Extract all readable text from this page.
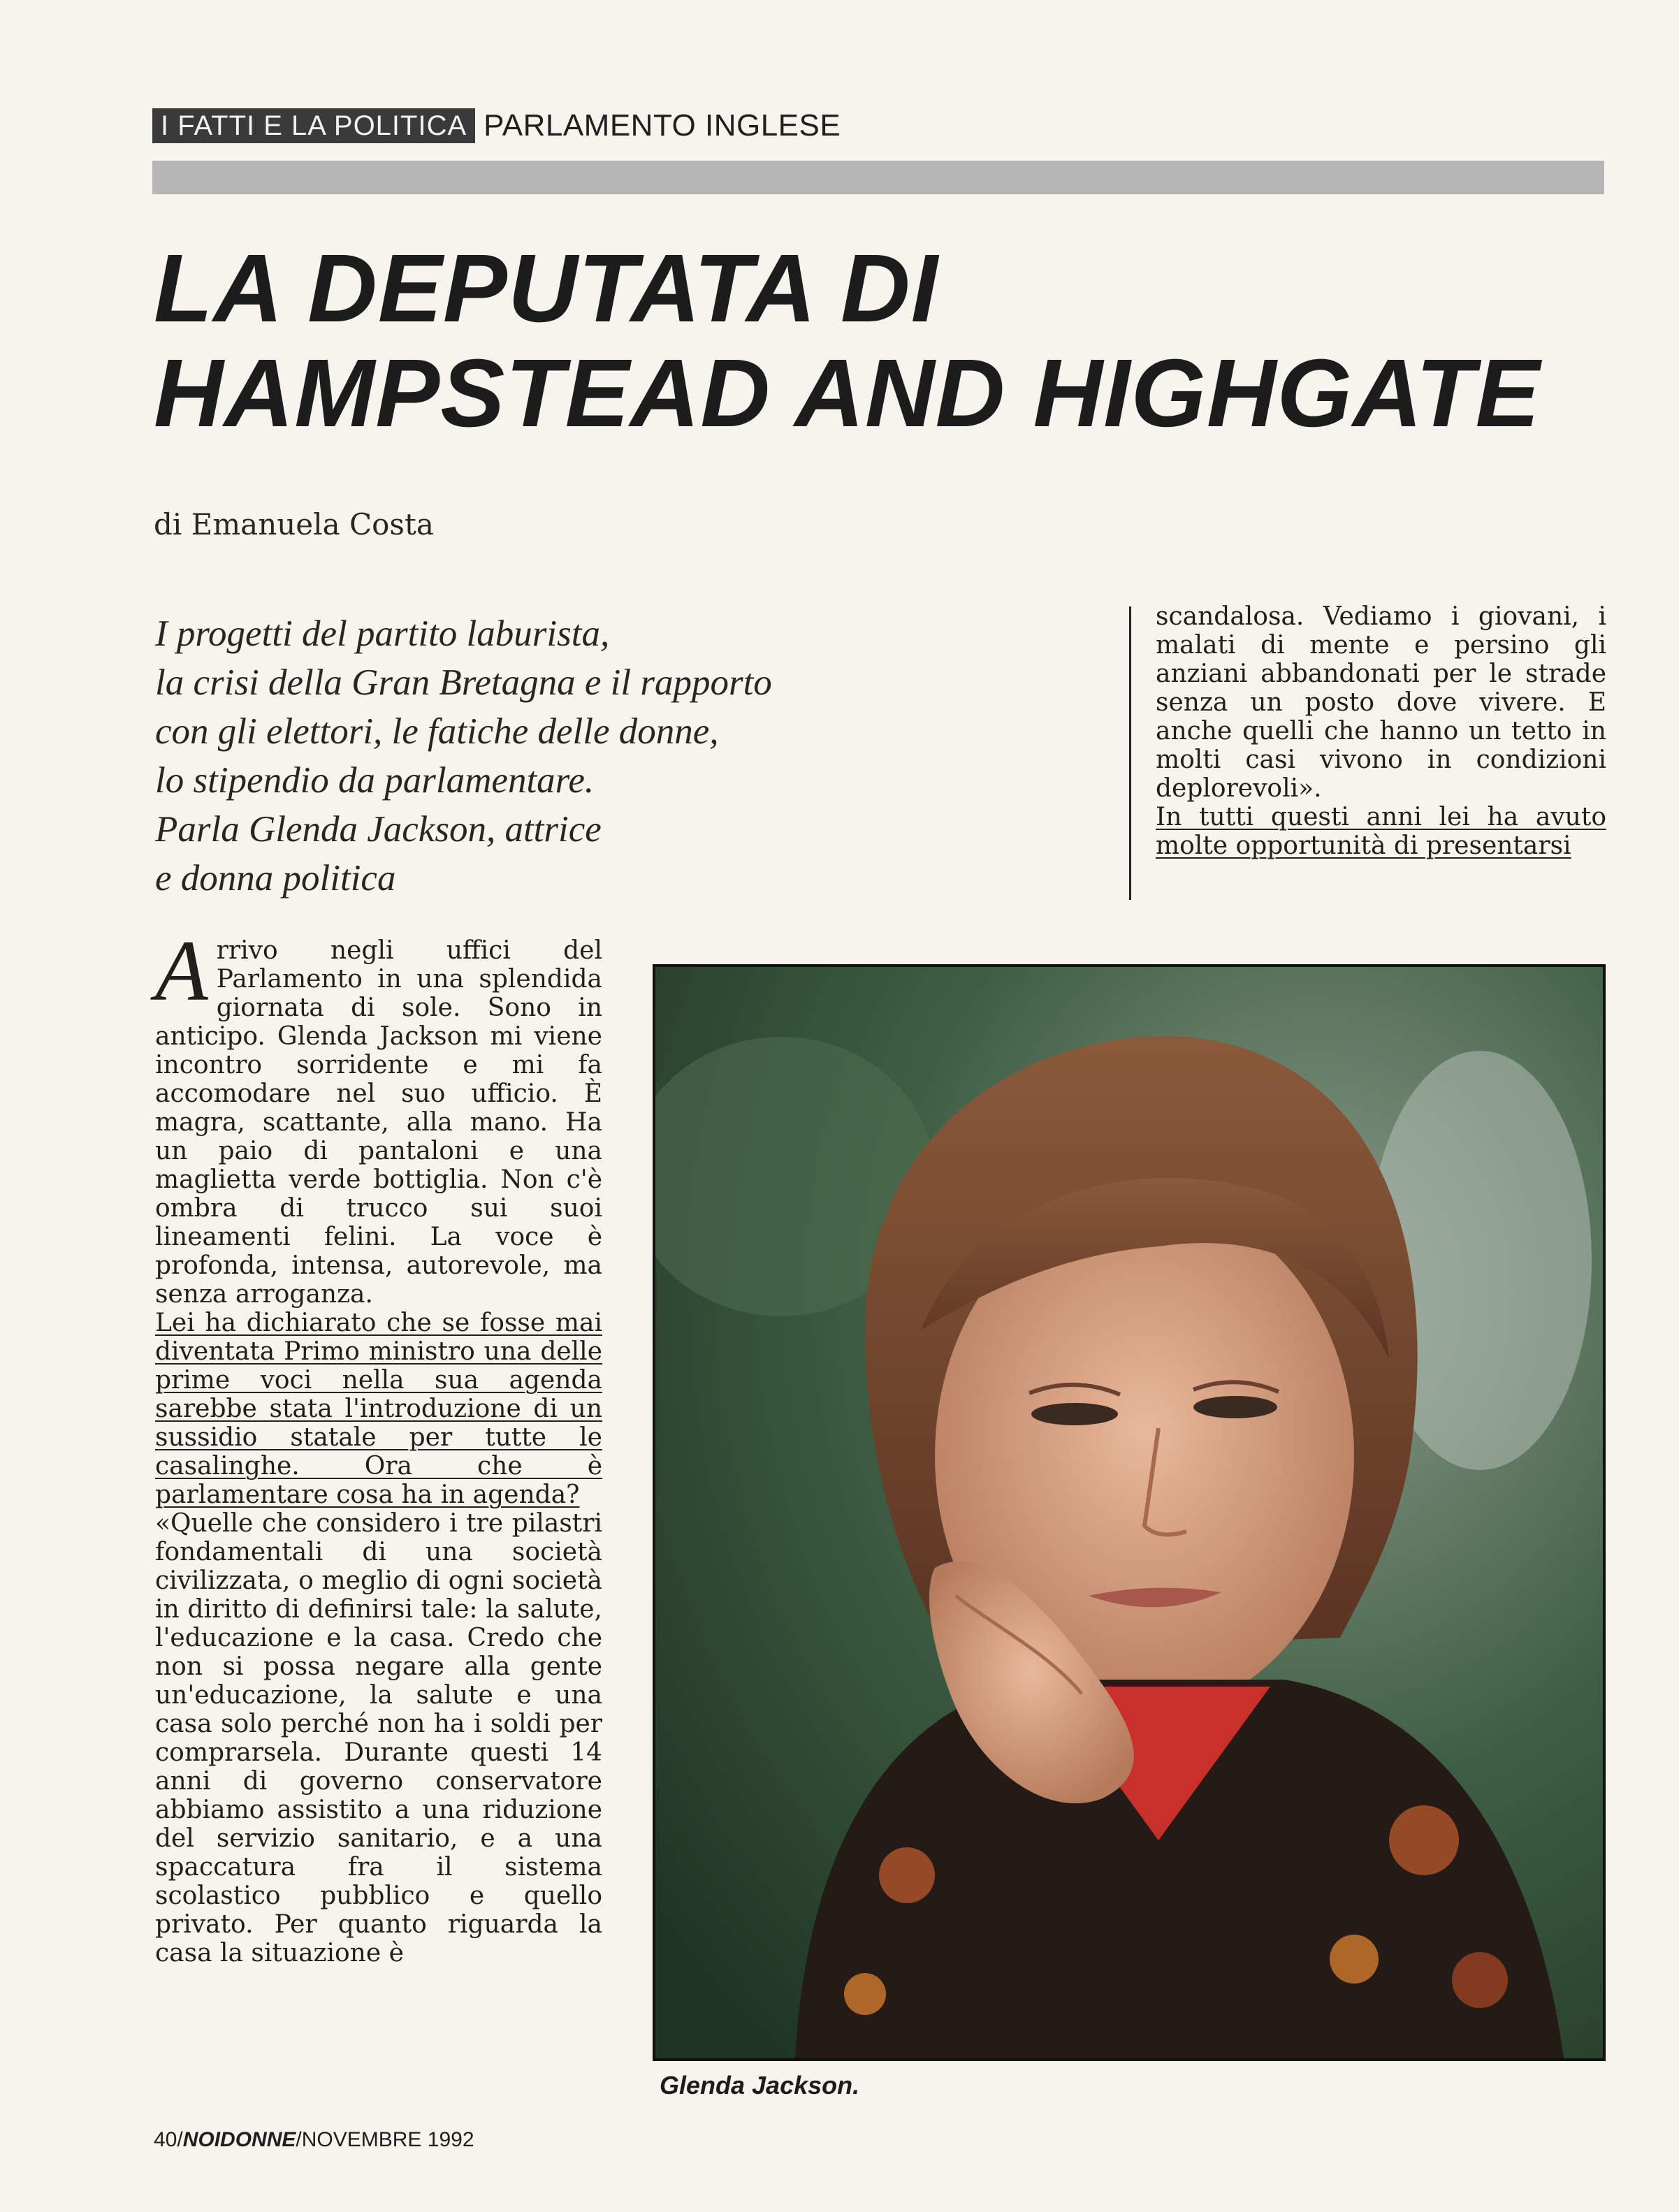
I FATTI E LA POLITICA PARLAMENTO INGLESE
LA DEPUTATA DI
HAMPSTEAD AND HIGHGATE
di Emanuela Costa
I progetti del partito laburista,
la crisi della Gran Bretagna e il rapporto
con gli elettori, le fatiche delle donne,
lo stipendio da parlamentare.
Parla Glenda Jackson, attrice
e donna politica
scandalosa. Vediamo i giovani, i malati di mente e persino gli anziani abbandonati per le strade senza un posto dove vivere. E anche quelli che hanno un tetto in molti casi vivono in condizioni deplorevoli».
In tutti questi anni lei ha avuto molte opportunità di presentarsi
A rrivo negli uffici del Parlamento in una splendida giornata di sole. Sono in anticipo. Glenda Jackson mi viene incontro sorridente e mi fa accomodare nel suo ufficio. È magra, scattante, alla mano. Ha un paio di pantaloni e una maglietta verde bottiglia. Non c'è ombra di trucco sui suoi lineamenti felini. La voce è profonda, intensa, autorevole, ma senza arroganza.
Lei ha dichiarato che se fosse mai diventata Primo ministro una delle prime voci nella sua agenda sarebbe stata l'introduzione di un sussidio statale per tutte le casalinghe. Ora che è parlamentare cosa ha in agenda?
«Quelle che considero i tre pilastri fondamentali di una società civilizzata, o meglio di ogni società in diritto di definirsi tale: la salute, l'educazione e la casa. Credo che non si possa negare alla gente un'educazione, la salute e una casa solo perché non ha i soldi per comprarsela. Durante questi 14 anni di governo conservatore abbiamo assistito a una riduzione del servizio sanitario, e a una spaccatura fra il sistema scolastico pubblico e quello privato. Per quanto riguarda la casa la situazione è
Glenda Jackson.
40/NOIDONNE/NOVEMBRE 1992
